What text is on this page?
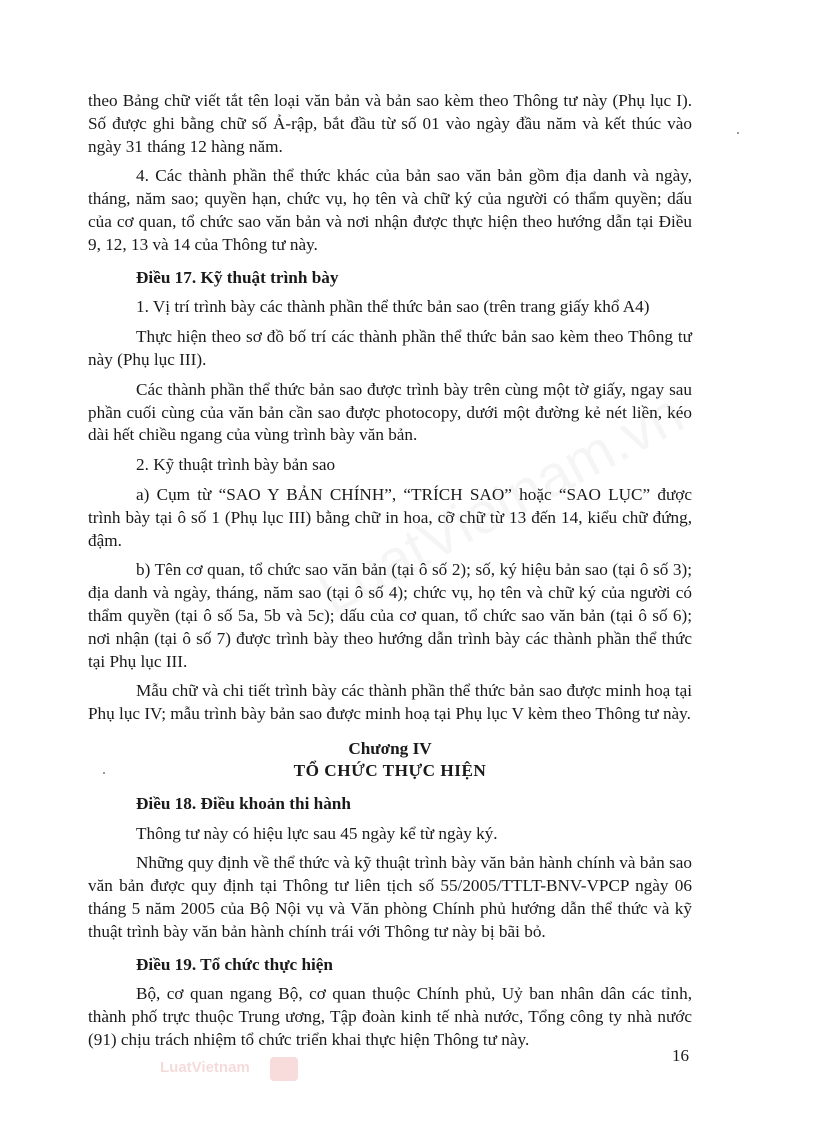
theo Bảng chữ viết tắt tên loại văn bản và bản sao kèm theo Thông tư này (Phụ lục I). Số được ghi bằng chữ số Ả-rập, bắt đầu từ số 01 vào ngày đầu năm và kết thúc vào ngày 31 tháng 12 hàng năm.

4. Các thành phần thể thức khác của bản sao văn bản gồm địa danh và ngày, tháng, năm sao; quyền hạn, chức vụ, họ tên và chữ ký của người có thẩm quyền; dấu của cơ quan, tổ chức sao văn bản và nơi nhận được thực hiện theo hướng dẫn tại Điều 9, 12, 13 và 14 của Thông tư này.

Điều 17. Kỹ thuật trình bày

1. Vị trí trình bày các thành phần thể thức bản sao (trên trang giấy khổ A4)

Thực hiện theo sơ đồ bố trí các thành phần thể thức bản sao kèm theo Thông tư này (Phụ lục III).

Các thành phần thể thức bản sao được trình bày trên cùng một tờ giấy, ngay sau phần cuối cùng của văn bản cần sao được photocopy, dưới một đường kẻ nét liền, kéo dài hết chiều ngang của vùng trình bày văn bản.

2. Kỹ thuật trình bày bản sao

a) Cụm từ “SAO Y BẢN CHÍNH”, “TRÍCH SAO” hoặc “SAO LỤC” được trình bày tại ô số 1 (Phụ lục III) bằng chữ in hoa, cỡ chữ từ 13 đến 14, kiểu chữ đứng, đậm.

b) Tên cơ quan, tổ chức sao văn bản (tại ô số 2); số, ký hiệu bản sao (tại ô số 3); địa danh và ngày, tháng, năm sao (tại ô số 4); chức vụ, họ tên và chữ ký của người có thẩm quyền (tại ô số 5a, 5b và 5c); dấu của cơ quan, tổ chức sao văn bản (tại ô số 6); nơi nhận (tại ô số 7) được trình bày theo hướng dẫn trình bày các thành phần thể thức tại Phụ lục III.

Mẫu chữ và chi tiết trình bày các thành phần thể thức bản sao được minh hoạ tại Phụ lục IV; mẫu trình bày bản sao được minh hoạ tại Phụ lục V kèm theo Thông tư này.

Chương IV

TỔ CHỨC THỰC HIỆN

Điều 18. Điều khoản thi hành

Thông tư này có hiệu lực sau 45 ngày kể từ ngày ký.

Những quy định về thể thức và kỹ thuật trình bày văn bản hành chính và bản sao văn bản được quy định tại Thông tư liên tịch số 55/2005/TTLT-BNV-VPCP ngày 06 tháng 5 năm 2005 của Bộ Nội vụ và Văn phòng Chính phủ hướng dẫn thể thức và kỹ thuật trình bày văn bản hành chính trái với Thông tư này bị bãi bỏ.

Điều 19. Tổ chức thực hiện

Bộ, cơ quan ngang Bộ, cơ quan thuộc Chính phủ, Uỷ ban nhân dân các tỉnh, thành phố trực thuộc Trung ương, Tập đoàn kinh tế nhà nước, Tổng công ty nhà nước (91) chịu trách nhiệm tổ chức triển khai thực hiện Thông tư này.

16
LuatVietnam
